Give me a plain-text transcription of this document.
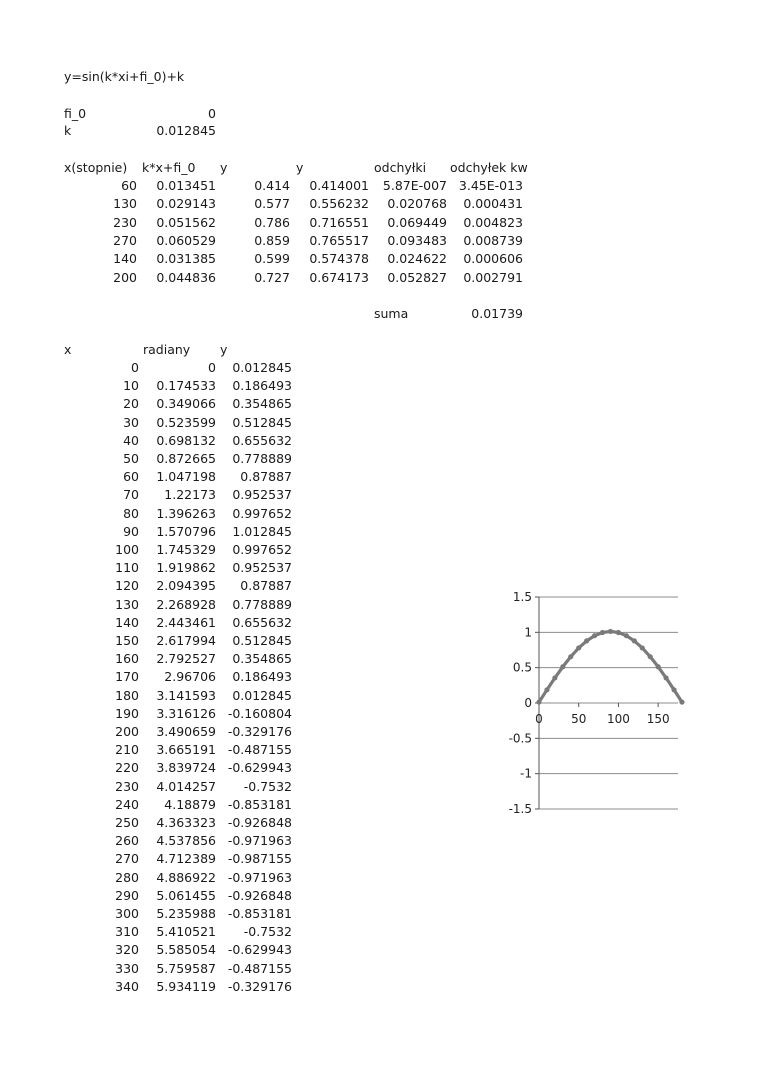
y=sin(k*xi+fi_0)+k
fi_0	0
k	0.012845
x(stopnie) k*x+fi_0 y	y	odchyłki odchyłek kw
60 0.013451	0.414 0.414001 5.87E-007 3.45E-013
130 0.029143	0.577 0.556232 0.020768 0.000431
230 0.051562	0.786 0.716551 0.069449 0.004823
270 0.060529	0.859 0.765517 0.093483 0.008739
140 0.031385	0.599 0.574378 0.024622 0.000606
200 0.044836	0.727 0.674173 0.052827 0.002791
suma	0.01739
x	radiany y
0	0 0.012845
10 0.174533 0.186493
20 0.349066 0.354865
30 0.523599 0.512845
40 0.698132 0.655632
50 0.872665 0.778889
60 1.047198 0.87887
70 1.22173 0.952537
80 1.396263 0.997652
90 1.570796 1.012845
100 1.745329 0.997652
110 1.919862 0.952537
120 2.094395 0.87887
130 2.268928 0.778889
140 2.443461 0.655632
150 2.617994 0.512845
160 2.792527 0.354865
170 2.96706 0.186493
180 3.141593 0.012845
190 3.316126 -0.160804
200 3.490659 -0.329176
210 3.665191 -0.487155
220 3.839724 -0.629943
230 4.014257 -0.7532
240 4.18879 -0.853181
250 4.363323 -0.926848
260 4.537856 -0.971963
270 4.712389 -0.987155
280 4.886922 -0.971963
290 5.061455 -0.926848
300 5.235988 -0.853181
310 5.410521 -0.7532
320 5.585054 -0.629943
330 5.759587 -0.487155
340 5.934119 -0.329176
1.5
1
0.5
0
-0.5
-1
-1.5
0 50 100 150
